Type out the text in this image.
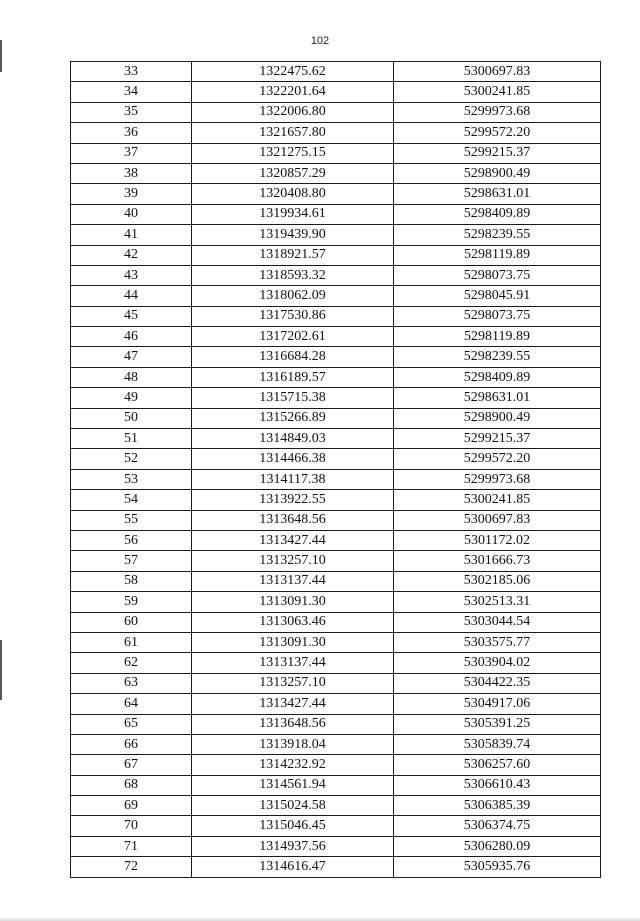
102
33	1322475.62	5300697.83
34	1322201.64	5300241.85
35	1322006.80	5299973.68
36	1321657.80	5299572.20
37	1321275.15	5299215.37
38	1320857.29	5298900.49
39	1320408.80	5298631.01
40	1319934.61	5298409.89
41	1319439.90	5298239.55
42	1318921.57	5298119.89
43	1318593.32	5298073.75
44	1318062.09	5298045.91
45	1317530.86	5298073.75
46	1317202.61	5298119.89
47	1316684.28	5298239.55
48	1316189.57	5298409.89
49	1315715.38	5298631.01
50	1315266.89	5298900.49
51	1314849.03	5299215.37
52	1314466.38	5299572.20
53	1314117.38	5299973.68
54	1313922.55	5300241.85
55	1313648.56	5300697.83
56	1313427.44	5301172.02
57	1313257.10	5301666.73
58	1313137.44	5302185.06
59	1313091.30	5302513.31
60	1313063.46	5303044.54
61	1313091.30	5303575.77
62	1313137.44	5303904.02
63	1313257.10	5304422.35
64	1313427.44	5304917.06
65	1313648.56	5305391.25
66	1313918.04	5305839.74
67	1314232.92	5306257.60
68	1314561.94	5306610.43
69	1315024.58	5306385.39
70	1315046.45	5306374.75
71	1314937.56	5306280.09
72	1314616.47	5305935.76
